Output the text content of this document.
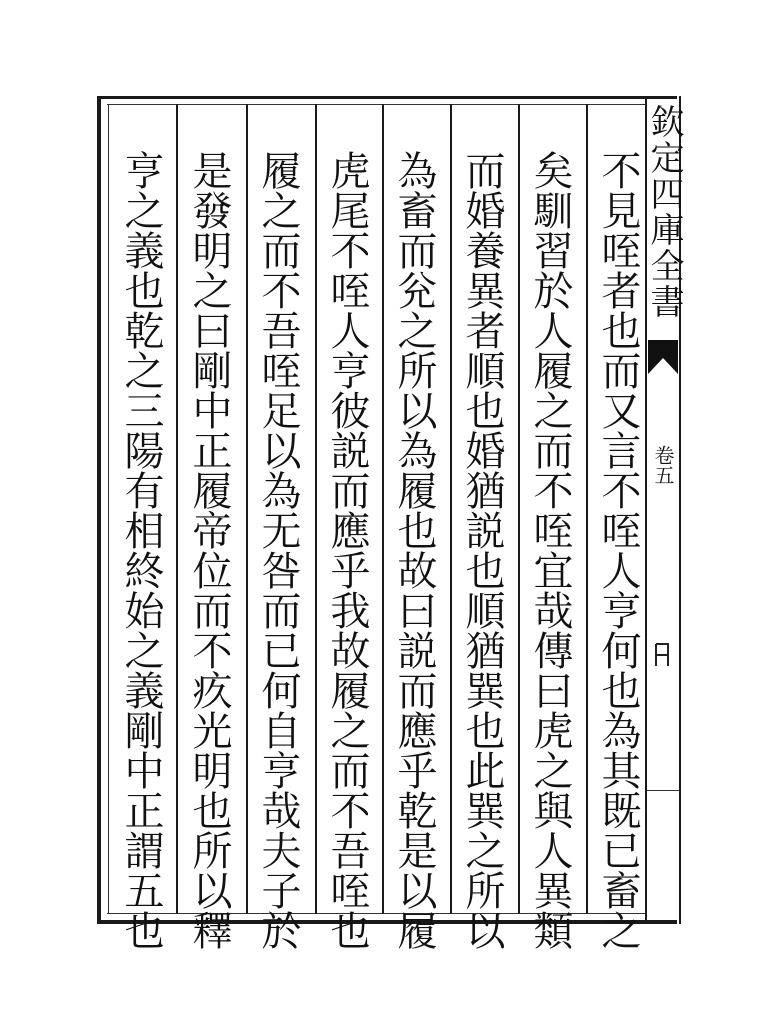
不見咥者也而又言不咥人亨何也為其既已畜之
矣馴習於人履之而不咥宜哉傳曰虎之與人異類
而婚養異者順也婚猶説也順猶巽也此巽之所以
為畜而兊之所以為履也故曰説而應乎乾是以履
虎尾不咥人亨彼説而應乎我故履之而不吾咥也
履之而不吾咥足以為无咎而已何自亨哉夫子於
是發明之曰剛中正履帝位而不疚光明也所以釋
亨之義也乾之三陽有相終始之義剛中正謂五也	欽定四庫全書
卷五
